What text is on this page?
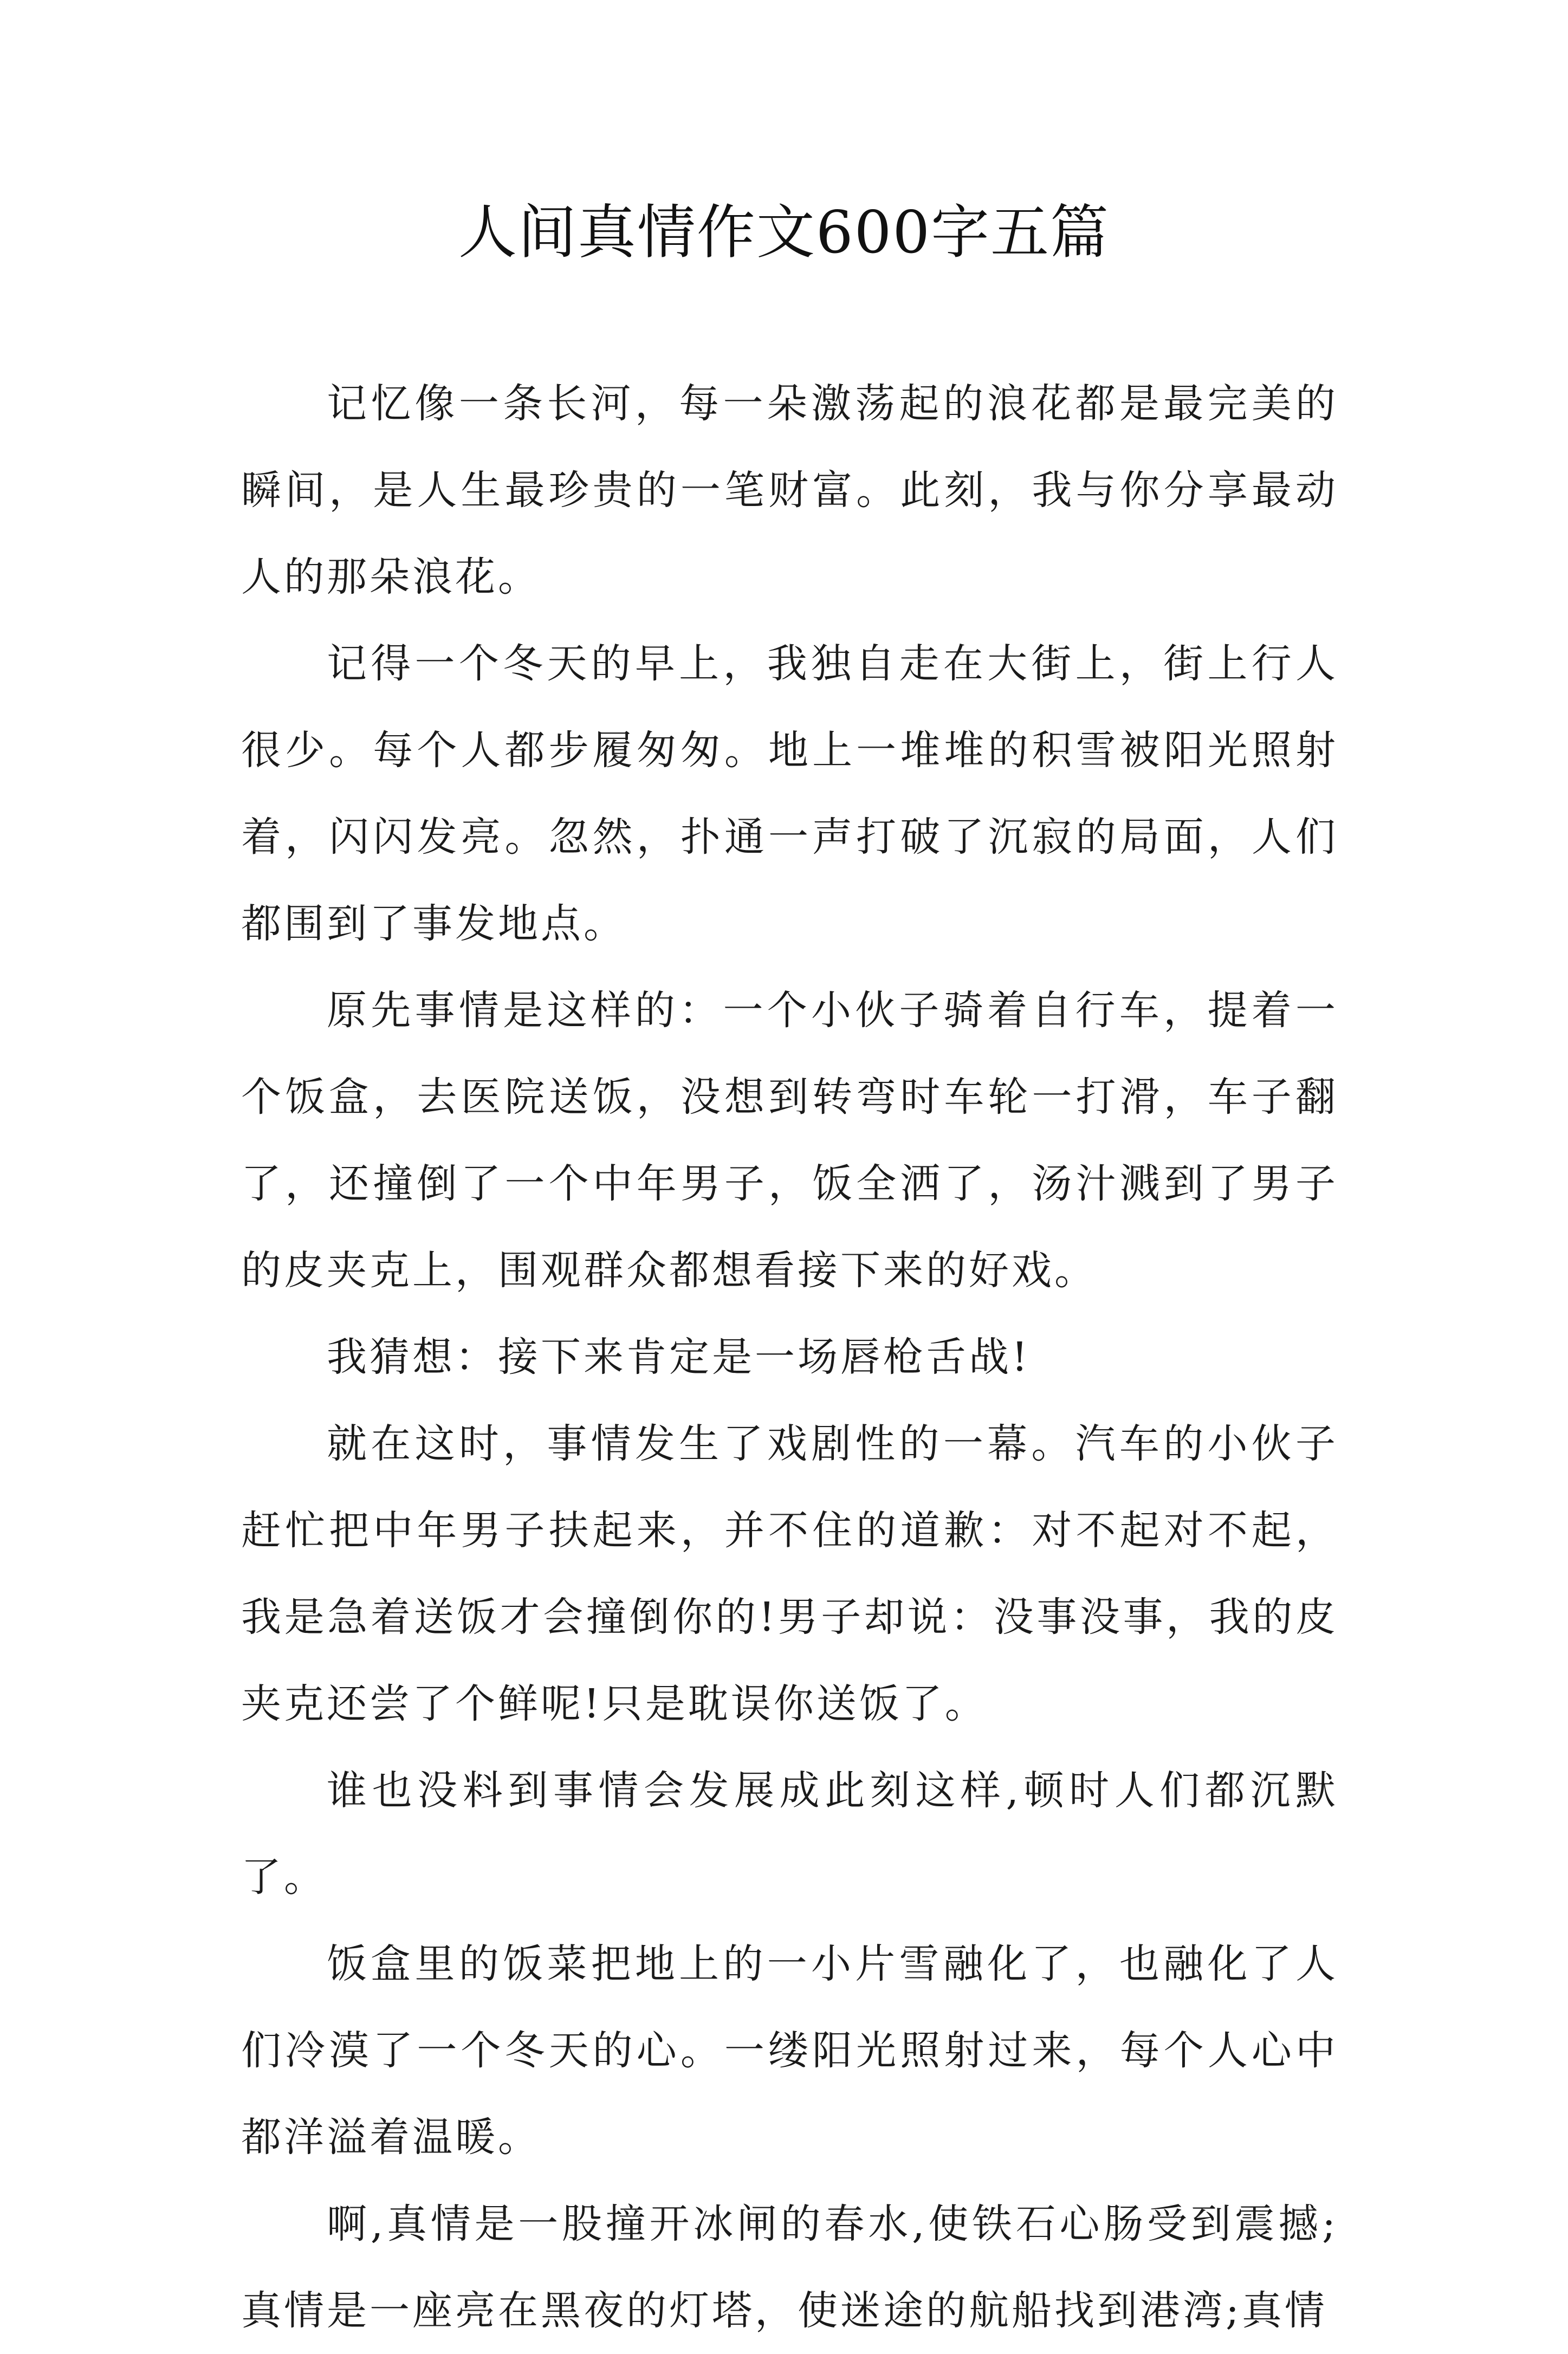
人间真情作文600字五篇

记忆像一条长河，每一朵激荡起的浪花都是最完美的瞬间，是人生最珍贵的一笔财富。此刻，我与你分享最动人的那朵浪花。

记得一个冬天的早上，我独自走在大街上，街上行人很少。每个人都步履匆匆。地上一堆堆的积雪被阳光照射着，闪闪发亮。忽然，扑通一声打破了沉寂的局面，人们都围到了事发地点。

原先事情是这样的：一个小伙子骑着自行车，提着一个饭盒，去医院送饭，没想到转弯时车轮一打滑，车子翻了，还撞倒了一个中年男子，饭全洒了，汤汁溅到了男子的皮夹克上，围观群众都想看接下来的好戏。

我猜想：接下来肯定是一场唇枪舌战!

就在这时，事情发生了戏剧性的一幕。汽车的小伙子赶忙把中年男子扶起来，并不住的道歉：对不起对不起，我是急着送饭才会撞倒你的!男子却说：没事没事，我的皮夹克还尝了个鲜呢!只是耽误你送饭了。

谁也没料到事情会发展成此刻这样,顿时人们都沉默了。

饭盒里的饭菜把地上的一小片雪融化了，也融化了人们冷漠了一个冬天的心。一缕阳光照射过来，每个人心中都洋溢着温暖。

啊,真情是一股撞开冰闸的春水,使铁石心肠受到震撼;真情是一座亮在黑夜的灯塔，使迷途的航船找到港湾;真情
